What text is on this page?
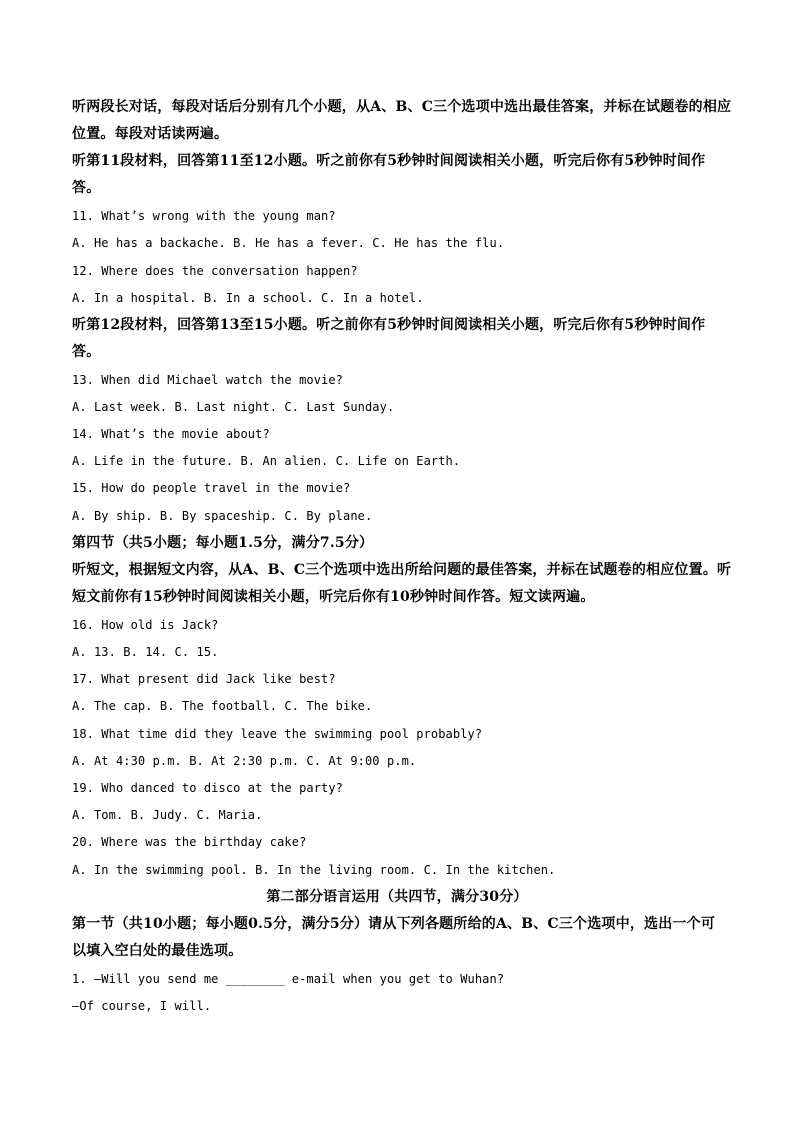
听两段长对话，每段对话后分别有几个小题，从A、B、C三个选项中选出最佳答案，并标在试题卷的相应
位置。每段对话读两遍。
听第11段材料，回答第11至12小题。听之前你有5秒钟时间阅读相关小题，听完后你有5秒钟时间作
答。
11. What’s wrong with the young man?
A. He has a backache. B. He has a fever. C. He has the flu.
12. Where does the conversation happen?
A. In a hospital. B. In a school. C. In a hotel.
听第12段材料，回答第13至15小题。听之前你有5秒钟时间阅读相关小题，听完后你有5秒钟时间作
答。
13. When did Michael watch the movie?
A. Last week. B. Last night. C. Last Sunday.
14. What’s the movie about?
A. Life in the future. B. An alien. C. Life on Earth.
15. How do people travel in the movie?
A. By ship. B. By spaceship. C. By plane.
第四节（共5小题；每小题1.5分，满分7.5分）
听短文，根据短文内容，从A、B、C三个选项中选出所给问题的最佳答案，并标在试题卷的相应位置。听
短文前你有15秒钟时间阅读相关小题，听完后你有10秒钟时间作答。短文读两遍。
16. How old is Jack?
A. 13. B. 14. C. 15.
17. What present did Jack like best?
A. The cap. B. The football. C. The bike.
18. What time did they leave the swimming pool probably?
A. At 4:30 p.m. B. At 2:30 p.m. C. At 9:00 p.m.
19. Who danced to disco at the party?
A. Tom. B. Judy. C. Maria.
20. Where was the birthday cake?
A. In the swimming pool. B. In the living room. C. In the kitchen.
第二部分语言运用（共四节，满分30分）
第一节（共10小题；每小题0.5分，满分5分）请从下列各题所给的A、B、C三个选项中，选出一个可
以填入空白处的最佳选项。
1. —Will you send me ________ e-mail when you get to Wuhan?
—Of course, I will.
